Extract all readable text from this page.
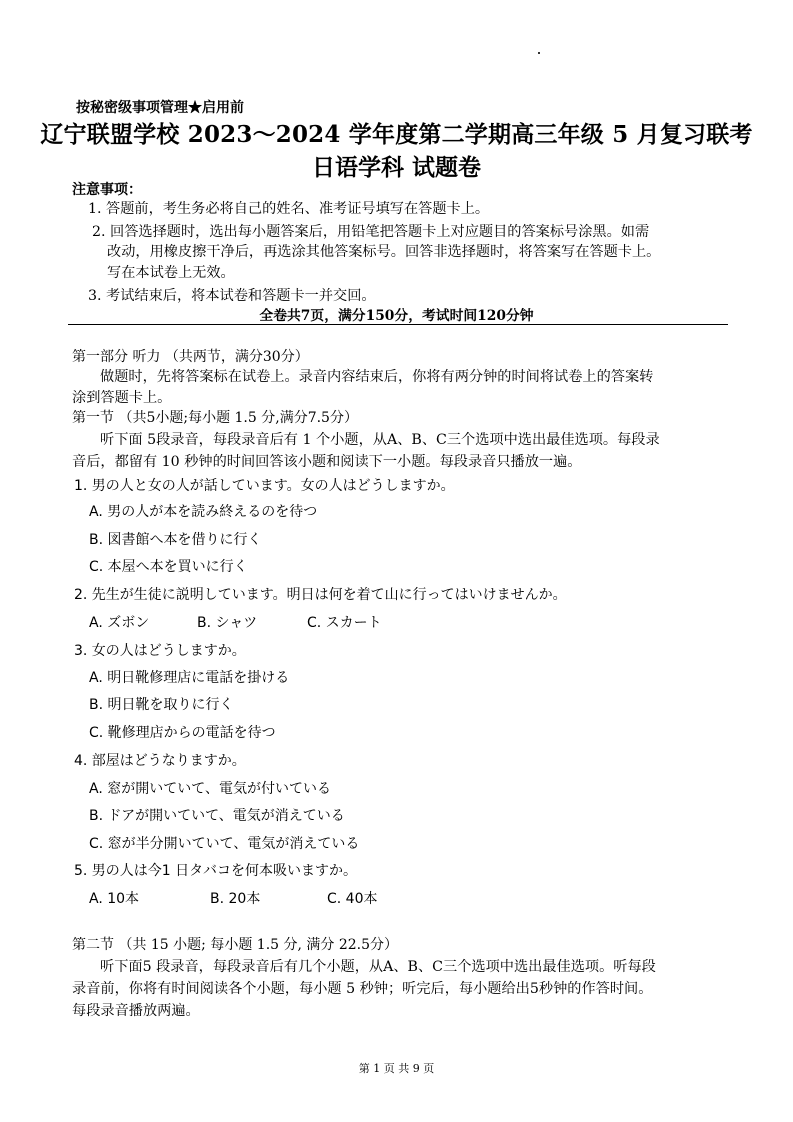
按秘密级事项管理★启用前
辽宁联盟学校 2023～2024 学年度第二学期高三年级 5 月复习联考
日语学科 试题卷
注意事项：
1. 答题前，考生务必将自己的姓名、准考证号填写在答题卡上。
2. 回答选择题时，选出每小题答案后，用铅笔把答题卡上对应题目的答案标号涂黑。如需
改动，用橡皮擦干净后，再选涂其他答案标号。回答非选择题时，将答案写在答题卡上。
写在本试卷上无效。
3. 考试结束后，将本试卷和答题卡一并交回。
全卷共7页，满分150分，考试时间120分钟
第一部分 听力 （共两节，满分30分）
做题时，先将答案标在试卷上。录音内容结束后，你将有两分钟的时间将试卷上的答案转
涂到答题卡上。
第一节 （共5小题;每小题 1.5 分,满分7.5分）
听下面 5段录音，每段录音后有 1 个小题，从A、B、C三个选项中选出最佳选项。每段录
音后，都留有 10 秒钟的时间回答该小题和阅读下一小题。每段录音只播放一遍。
1. 男の人と女の人が話しています。女の人はどうしますか。
A. 男の人が本を読み終えるのを待つ
B. 図書館へ本を借りに行く
C. 本屋へ本を買いに行く
2. 先生が生徒に説明しています。明日は何を着て山に行ってはいけませんか。
A. ズボン	B. シャツ	C. スカート
3. 女の人はどうしますか。
A. 明日靴修理店に電話を掛ける
B. 明日靴を取りに行く
C. 靴修理店からの電話を待つ
4. 部屋はどうなりますか。
A. 窓が開いていて、電気が付いている
B. ドアが開いていて、電気が消えている
C. 窓が半分開いていて、電気が消えている
5. 男の人は今1 日タバコを何本吸いますか。
A. 10本	B. 20本	C. 40本
第二节 （共 15 小题; 每小题 1.5 分, 满分 22.5分）
听下面5 段录音，每段录音后有几个小题，从A、B、C三个选项中选出最佳选项。听每段
录音前，你将有时间阅读各个小题，每小题 5 秒钟；听完后，每小题给出5秒钟的作答时间。
每段录音播放两遍。
第 1 页 共 9 页
